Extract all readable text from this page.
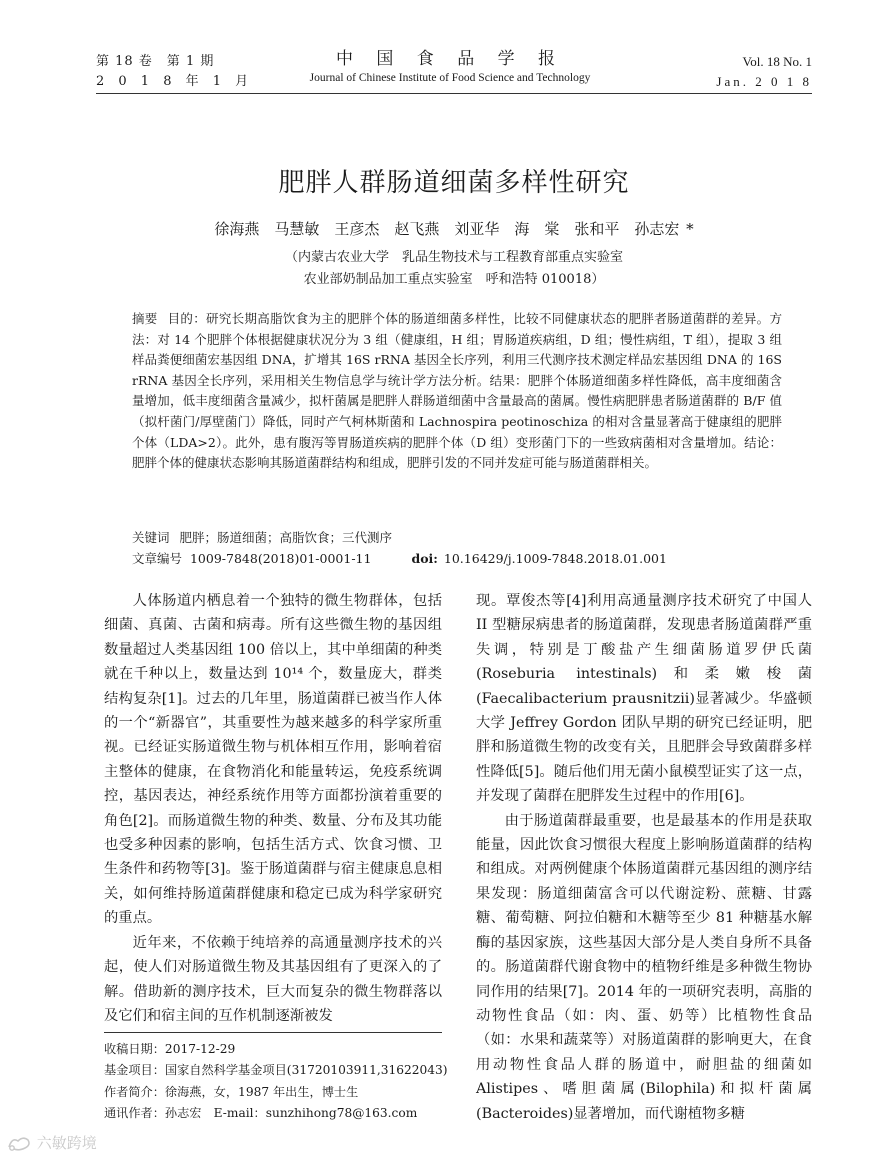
第 18 卷　第 1 期
2 0 1 8 年 1 月
中 国 食 品 学 报
Journal of Chinese Institute of Food Science and Technology
Vol. 18 No. 1
Jan. 2 0 1 8
肥胖人群肠道细菌多样性研究
徐海燕　马慧敏　王彦杰　赵飞燕　刘亚华　海　棠　张和平　孙志宏 *
（内蒙古农业大学　乳品生物技术与工程教育部重点实验室
农业部奶制品加工重点实验室　呼和浩特 010018）
摘要 目的：研究长期高脂饮食为主的肥胖个体的肠道细菌多样性，比较不同健康状态的肥胖者肠道菌群的差异。方法：对 14 个肥胖个体根据健康状况分为 3 组（健康组，H 组；胃肠道疾病组，D 组；慢性病组，T 组），提取 3 组样品粪便细菌宏基因组 DNA，扩增其 16S rRNA 基因全长序列，利用三代测序技术测定样品宏基因组 DNA 的 16S rRNA 基因全长序列，采用相关生物信息学与统计学方法分析。结果：肥胖个体肠道细菌多样性降低，高丰度细菌含量增加，低丰度细菌含量减少，拟杆菌属是肥胖人群肠道细菌中含量最高的菌属。慢性病肥胖患者肠道菌群的 B/F 值（拟杆菌门/厚壁菌门）降低，同时产气柯林斯菌和 Lachnospira peotinoschiza 的相对含量显著高于健康组的肥胖个体（LDA>2）。此外，患有腹泻等胃肠道疾病的肥胖个体（D 组）变形菌门下的一些致病菌相对含量增加。结论：肥胖个体的健康状态影响其肠道菌群结构和组成，肥胖引发的不同并发症可能与肠道菌群相关。
关键词 肥胖；肠道细菌；高脂饮食；三代测序
文章编号 1009-7848(2018)01-0001-11	doi: 10.16429/j.1009-7848.2018.01.001

人体肠道内栖息着一个独特的微生物群体，包括细菌、真菌、古菌和病毒。所有这些微生物的基因组数量超过人类基因组 100 倍以上，其中单细菌的种类就在千种以上，数量达到 10¹⁴ 个，数量庞大，群类结构复杂[1]。过去的几年里，肠道菌群已被当作人体的一个“新器官”，其重要性为越来越多的科学家所重视。已经证实肠道微生物与机体相互作用，影响着宿主整体的健康，在食物消化和能量转运，免疫系统调控，基因表达，神经系统作用等方面都扮演着重要的角色[2]。而肠道微生物的种类、数量、分布及其功能也受多种因素的影响，包括生活方式、饮食习惯、卫生条件和药物等[3]。鉴于肠道菌群与宿主健康息息相关，如何维持肠道菌群健康和稳定已成为科学家研究的重点。

近年来，不依赖于纯培养的高通量测序技术的兴起，使人们对肠道微生物及其基因组有了更深入的了解。借助新的测序技术，巨大而复杂的微生物群落以及它们和宿主间的互作机制逐渐被发

现。覃俊杰等[4]利用高通量测序技术研究了中国人 II 型糖尿病患者的肠道菌群，发现患者肠道菌群严重失调，特别是丁酸盐产生细菌肠道罗伊氏菌(Roseburia intestinals)和柔嫩梭菌(Faecalibacterium prausnitzii)显著减少。华盛顿大学 Jeffrey Gordon 团队早期的研究已经证明，肥胖和肠道微生物的改变有关，且肥胖会导致菌群多样性降低[5]。随后他们用无菌小鼠模型证实了这一点，并发现了菌群在肥胖发生过程中的作用[6]。

由于肠道菌群最重要，也是最基本的作用是获取能量，因此饮食习惯很大程度上影响肠道菌群的结构和组成。对两例健康个体肠道菌群元基因组的测序结果发现：肠道细菌富含可以代谢淀粉、蔗糖、甘露糖、葡萄糖、阿拉伯糖和木糖等至少 81 种糖基水解酶的基因家族，这些基因大部分是人类自身所不具备的。肠道菌群代谢食物中的植物纤维是多种微生物协同作用的结果[7]。2014 年的一项研究表明，高脂的动物性食品（如：肉、蛋、奶等）比植物性食品（如：水果和蔬菜等）对肠道菌群的影响更大，在食用动物性食品人群的肠道中，耐胆盐的细菌如 Alistipes、嗜胆菌属(Bilophila)和拟杆菌属(Bacteroides)显著增加，而代谢植物多糖

收稿日期：2017-12-29
基金项目：国家自然科学基金项目(31720103911,31622043)
作者简介：徐海燕，女，1987 年出生，博士生
通讯作者：孙志宏　E-mail：sunzhihong78@163.com
六敏跨境
